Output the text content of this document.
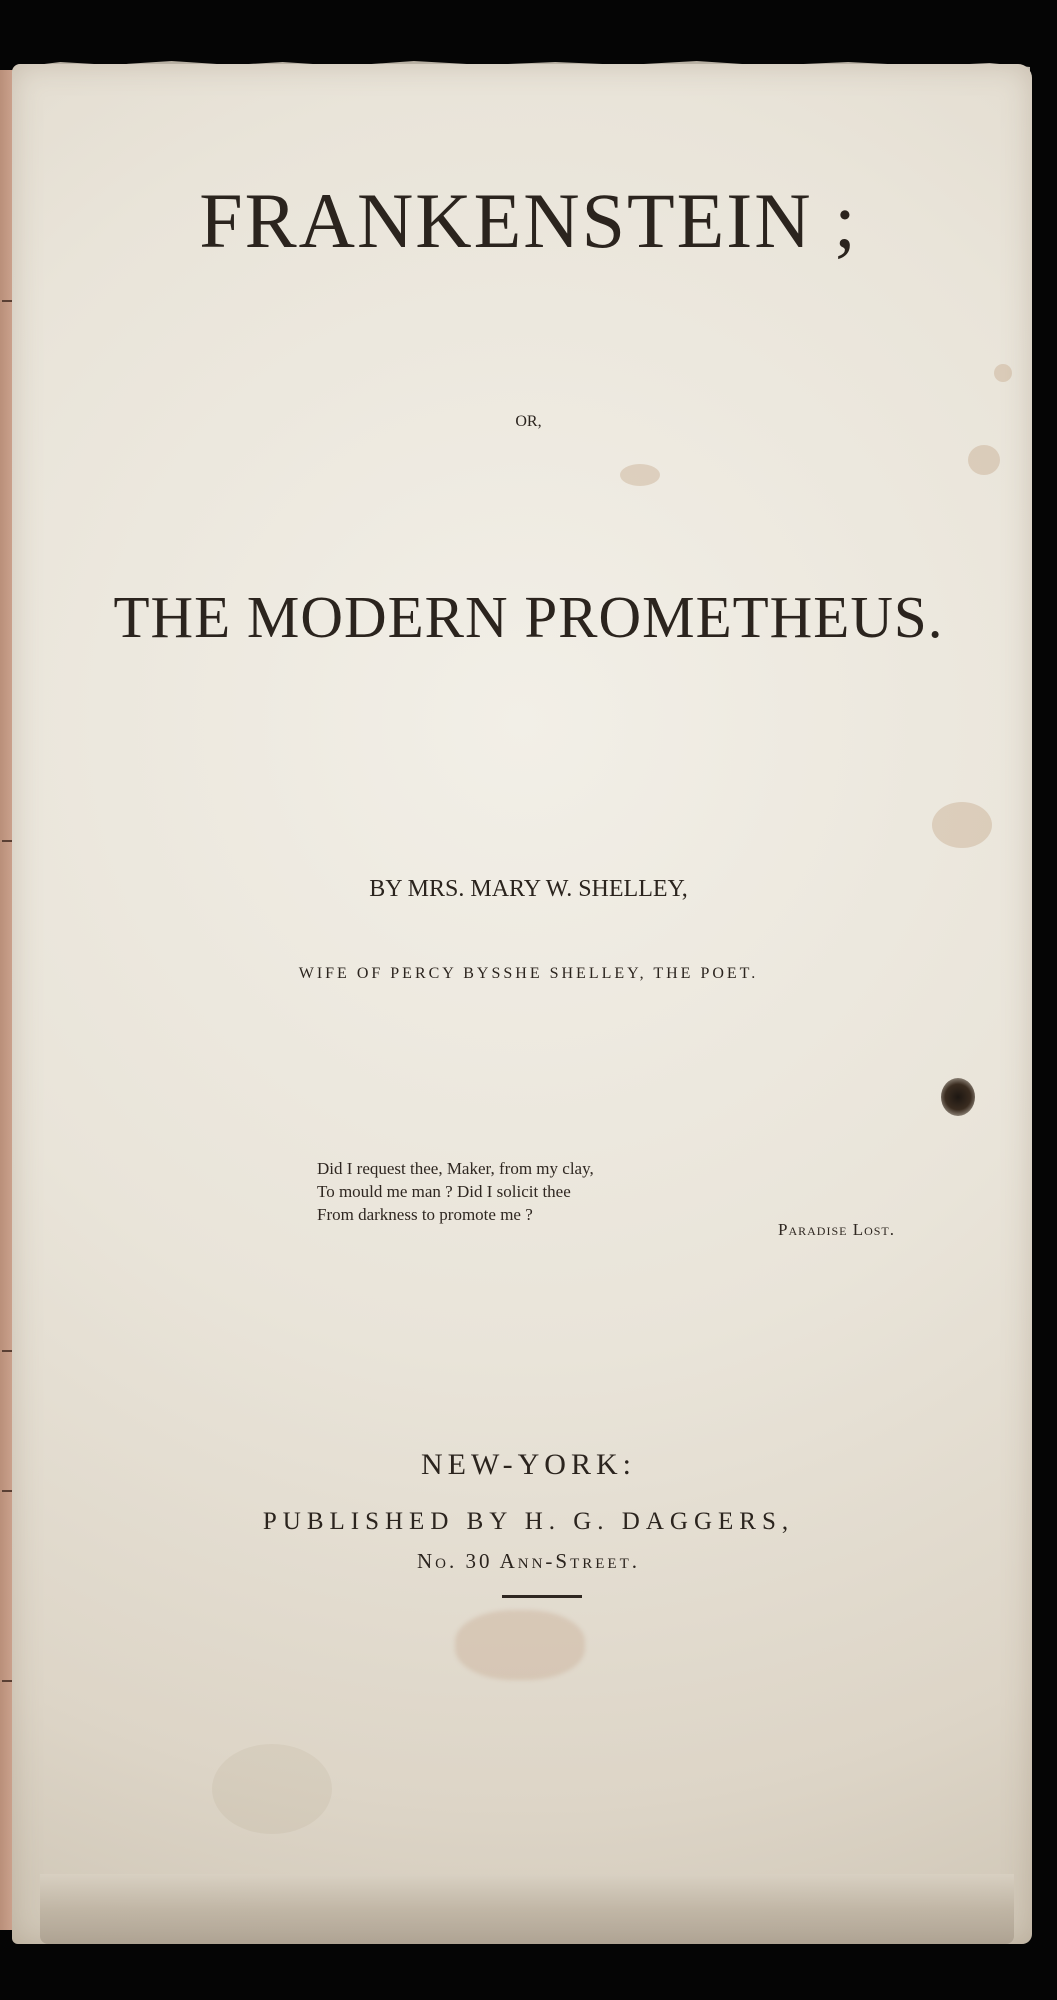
FRANKENSTEIN ;
OR,
THE MODERN PROMETHEUS.
BY MRS. MARY W. SHELLEY,
WIFE OF PERCY BYSSHE SHELLEY, THE POET.

Did I request thee, Maker, from my clay,

To mould me man ? Did I solicit thee

From darkness to promote me ?

Paradise Lost.
NEW-YORK:
PUBLISHED BY H. G. DAGGERS,
No. 30 Ann-Street.
